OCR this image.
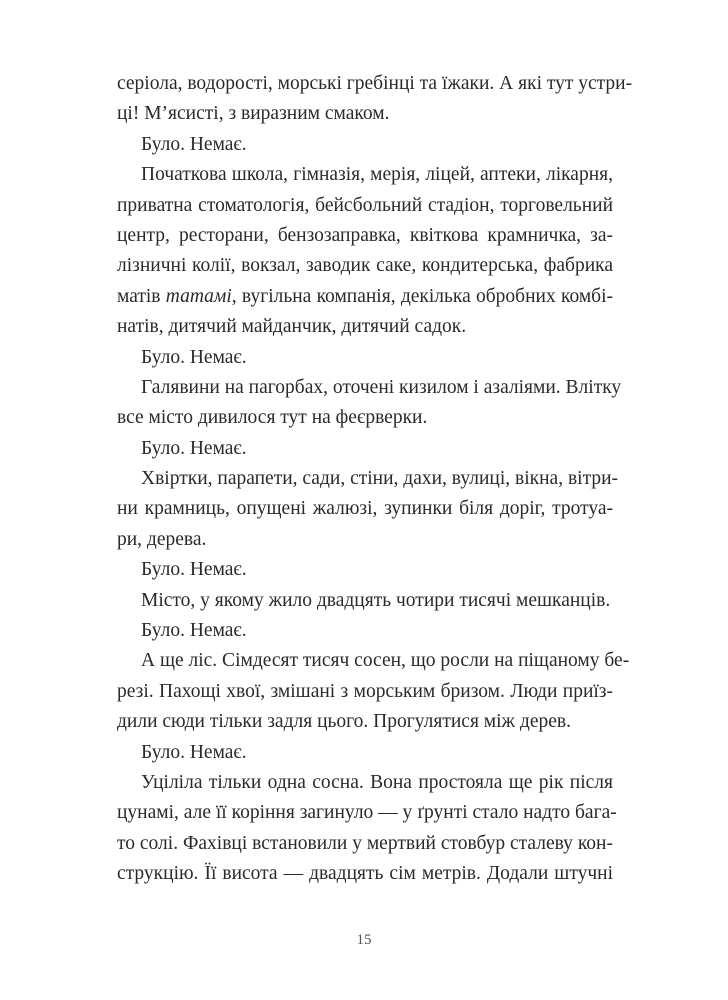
сеpіола, водорості, морські гребінці та їжаки. А які тут устри-
ці! М’ясисті, з виразним смаком.
Було. Немає.
Початкова школа, гімназія, мерія, ліцей, аптеки, лікарня,
приватна стоматологія, бейсбольний стадіон, торговельний
центр, ресторани, бензозаправка, квіткова крамничка, за-
лізничні колії, вокзал, заводик саке, кондитерська, фабрика
матів татамі, вугільна компанія, декілька обробних комбі-
натів, дитячий майданчик, дитячий садок.
Було. Немає.
Галявини на пагорбах, оточені кизилом і азаліями. Влітку
все місто дивилося тут на феєрверки.
Було. Немає.
Хвіртки, парапети, сади, стіни, дахи, вулиці, вікна, вітри-
ни крамниць, опущені жалюзі, зупинки біля доріг, тротуа-
ри, дерева.
Було. Немає.
Місто, у якому жило двадцять чотири тисячі мешканців.
Було. Немає.
А ще ліс. Сімдесят тисяч сосен, що росли на піщаному бе-
резі. Пахощі хвої, змішані з морським бризом. Люди приїз-
дили сюди тільки задля цього. Прогулятися між дерев.
Було. Немає.
Уціліла тільки одна сосна. Вона простояла ще рік після
цунамі, але її коріння загинуло — у ґрунті стало надто бага-
то солі. Фахівці встановили у мертвий стовбур сталеву кон-
струкцію. Її висота — двадцять сім метрів. Додали штучні
15
